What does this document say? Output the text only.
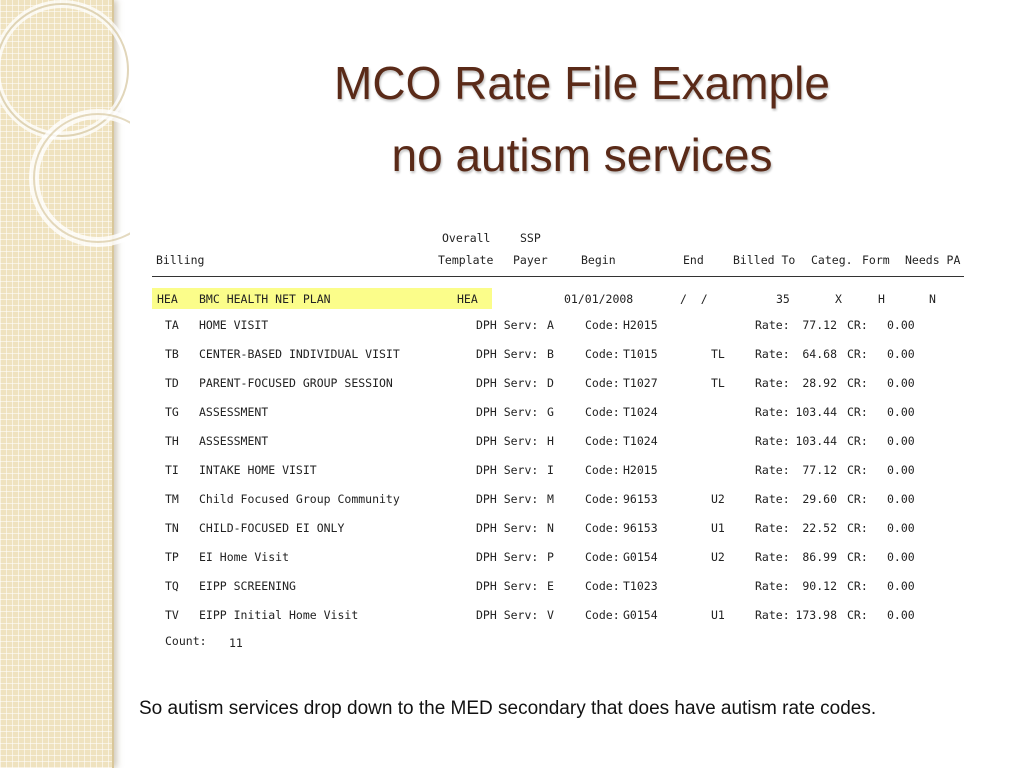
MCO Rate File Example
no autism services
Overall	SSP
Billing	Template Payer	Begin	End	Billed To Categ. Form Needs PA
HEA BMC HEALTH NET PLAN	HEA	01/01/2008	/  /	35	X	H	N
TA HOME VISIT	DPH Serv: A	Code: H2015	Rate:	77.12 CR: 0.00
TB CENTER-BASED INDIVIDUAL VISIT	DPH Serv: B	Code: T1015	TL	Rate:	64.68 CR: 0.00
TD PARENT-FOCUSED GROUP SESSION	DPH Serv: D	Code: T1027	TL	Rate:	28.92 CR: 0.00
TG ASSESSMENT	DPH Serv: G	Code: T1024	Rate: 103.44 CR: 0.00
TH ASSESSMENT	DPH Serv: H	Code: T1024	Rate: 103.44 CR: 0.00
TI INTAKE HOME VISIT	DPH Serv: I	Code: H2015	Rate:	77.12 CR: 0.00
TM Child Focused Group Community	DPH Serv: M	Code: 96153	U2	Rate:	29.60 CR: 0.00
TN CHILD-FOCUSED EI ONLY	DPH Serv: N	Code: 96153	U1	Rate:	22.52 CR: 0.00
TP EI Home Visit	DPH Serv: P	Code: G0154	U2	Rate:	86.99 CR: 0.00
TQ EIPP SCREENING	DPH Serv: E	Code: T1023	Rate:	90.12 CR: 0.00
TV EIPP Initial Home Visit	DPH Serv: V	Code: G0154	U1	Rate: 173.98 CR: 0.00
Count: 11

So autism services drop down to the MED secondary that does have autism rate codes.
